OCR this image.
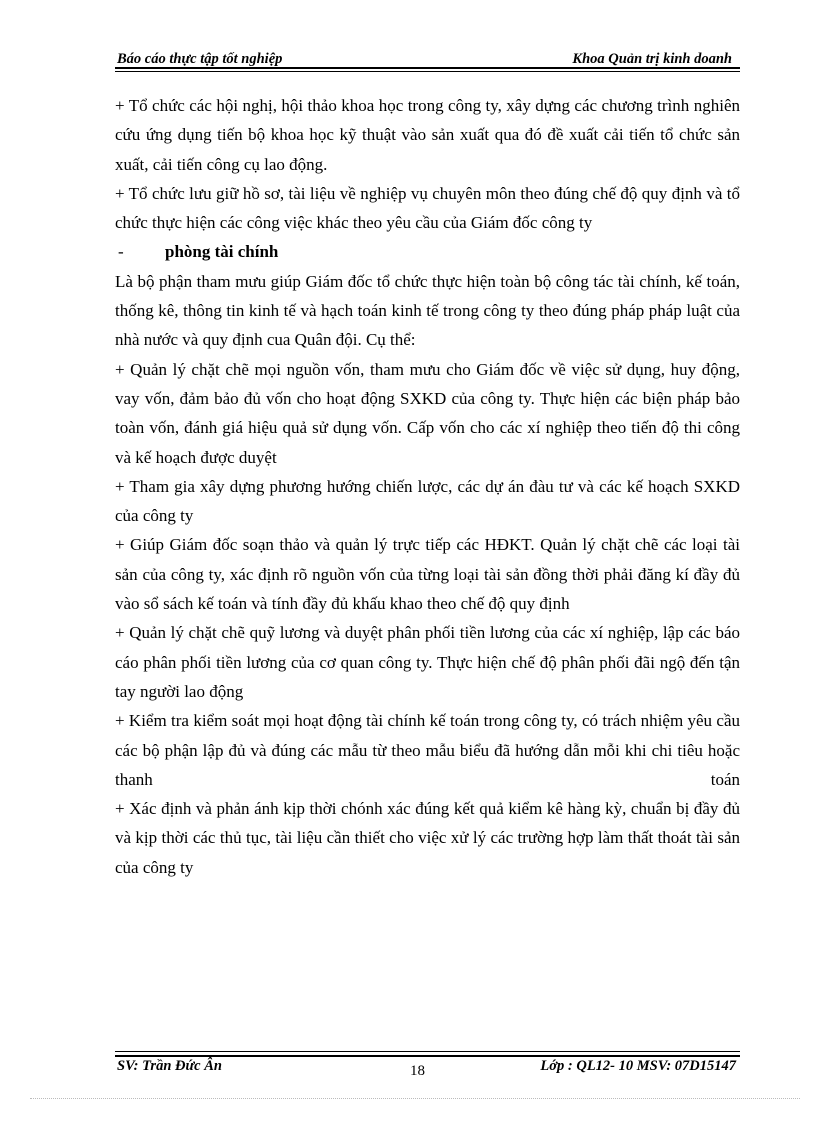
Báo cáo thực tập tốt nghiệp	Khoa Quản trị kinh doanh

+ Tổ chức các hội nghị, hội thảo khoa học trong công ty, xây dựng các chương trình nghiên cứu ứng dụng tiến bộ khoa học kỹ thuật vào sản xuất qua đó đề xuất cải tiến tổ chức sản xuất, cải tiến công cụ lao động.

+ Tổ chức lưu giữ hồ sơ, tài liệu về nghiệp vụ chuyên môn theo đúng chế độ quy định và tổ chức thực hiện các công việc khác theo yêu cầu của Giám đốc công ty

- phòng tài chính

Là bộ phận tham mưu giúp Giám đốc tổ chức thực hiện toàn bộ công tác tài chính, kế toán, thống kê, thông tin kinh tế và hạch toán kinh tế trong công ty theo đúng pháp pháp luật của nhà nước và quy định cua Quân đội. Cụ thể:

+ Quản lý chặt chẽ mọi nguồn vốn, tham mưu cho Giám đốc về việc sử dụng, huy động, vay vốn, đảm bảo đủ vốn cho hoạt động SXKD của công ty. Thực hiện các biện pháp bảo toàn vốn, đánh giá hiệu quả sử dụng vốn. Cấp vốn cho các xí nghiệp theo tiến độ thi công và kế hoạch được duyệt

+ Tham gia xây dựng phương hướng chiến lược, các dự án đàu tư và các kế hoạch SXKD của công ty

+ Giúp Giám đốc soạn thảo và quản lý trực tiếp các HĐKT. Quản lý chặt chẽ các loại tài sản của công ty, xác định rõ nguồn vốn của từng loại tài sản đồng thời phải đăng kí đầy đủ vào sổ sách kế toán và tính đầy đủ khấu khao theo chế độ quy định

+ Quản lý chặt chẽ quỹ lương và duyệt phân phối tiền lương của các xí nghiệp, lập các báo cáo phân phối tiền lương của cơ quan công ty. Thực hiện chế độ phân phối đãi ngộ đến tận tay người lao động

+ Kiểm tra kiểm soát mọi hoạt động tài chính kế toán trong công ty, có trách nhiệm yêu cầu các bộ phận lập đủ và đúng các mẫu từ theo mẫu biểu đã hướng dẫn mỗi khi chi tiêu hoặc thanh toán

+ Xác định và phản ánh kịp thời chónh xác đúng kết quả kiểm kê hàng kỳ, chuẩn bị đầy đủ và kịp thời các thủ tục, tài liệu cần thiết cho việc xử lý các trường hợp làm thất thoát tài sản của công ty

SV: Trần Đức Ân	18	Lớp : QL12- 10 MSV: 07D15147
